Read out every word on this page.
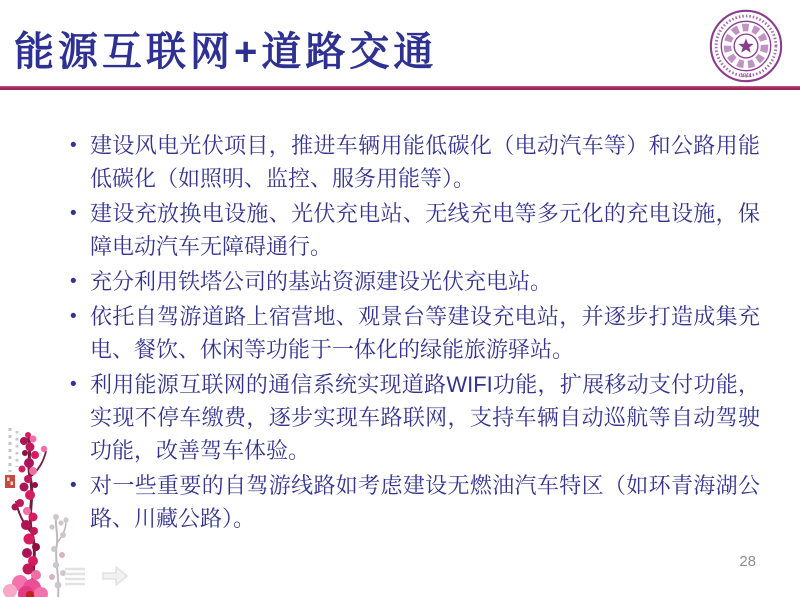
能源互联网+道路交通
1911
• 建设风电光伏项目，推进车辆用能低碳化（电动汽车等）和公路用能低碳化（如照明、监控、服务用能等）。
• 建设充放换电设施、光伏充电站、无线充电等多元化的充电设施，保障电动汽车无障碍通行。
• 充分利用铁塔公司的基站资源建设光伏充电站。
• 依托自驾游道路上宿营地、观景台等建设充电站，并逐步打造成集充电、餐饮、休闲等功能于一体化的绿能旅游驿站。
• 利用能源互联网的通信系统实现道路WIFI功能，扩展移动支付功能，实现不停车缴费，逐步实现车路联网，支持车辆自动巡航等自动驾驶功能，改善驾车体验。
• 对一些重要的自驾游线路如考虑建设无燃油汽车特区（如环青海湖公路、川藏公路）。
28
